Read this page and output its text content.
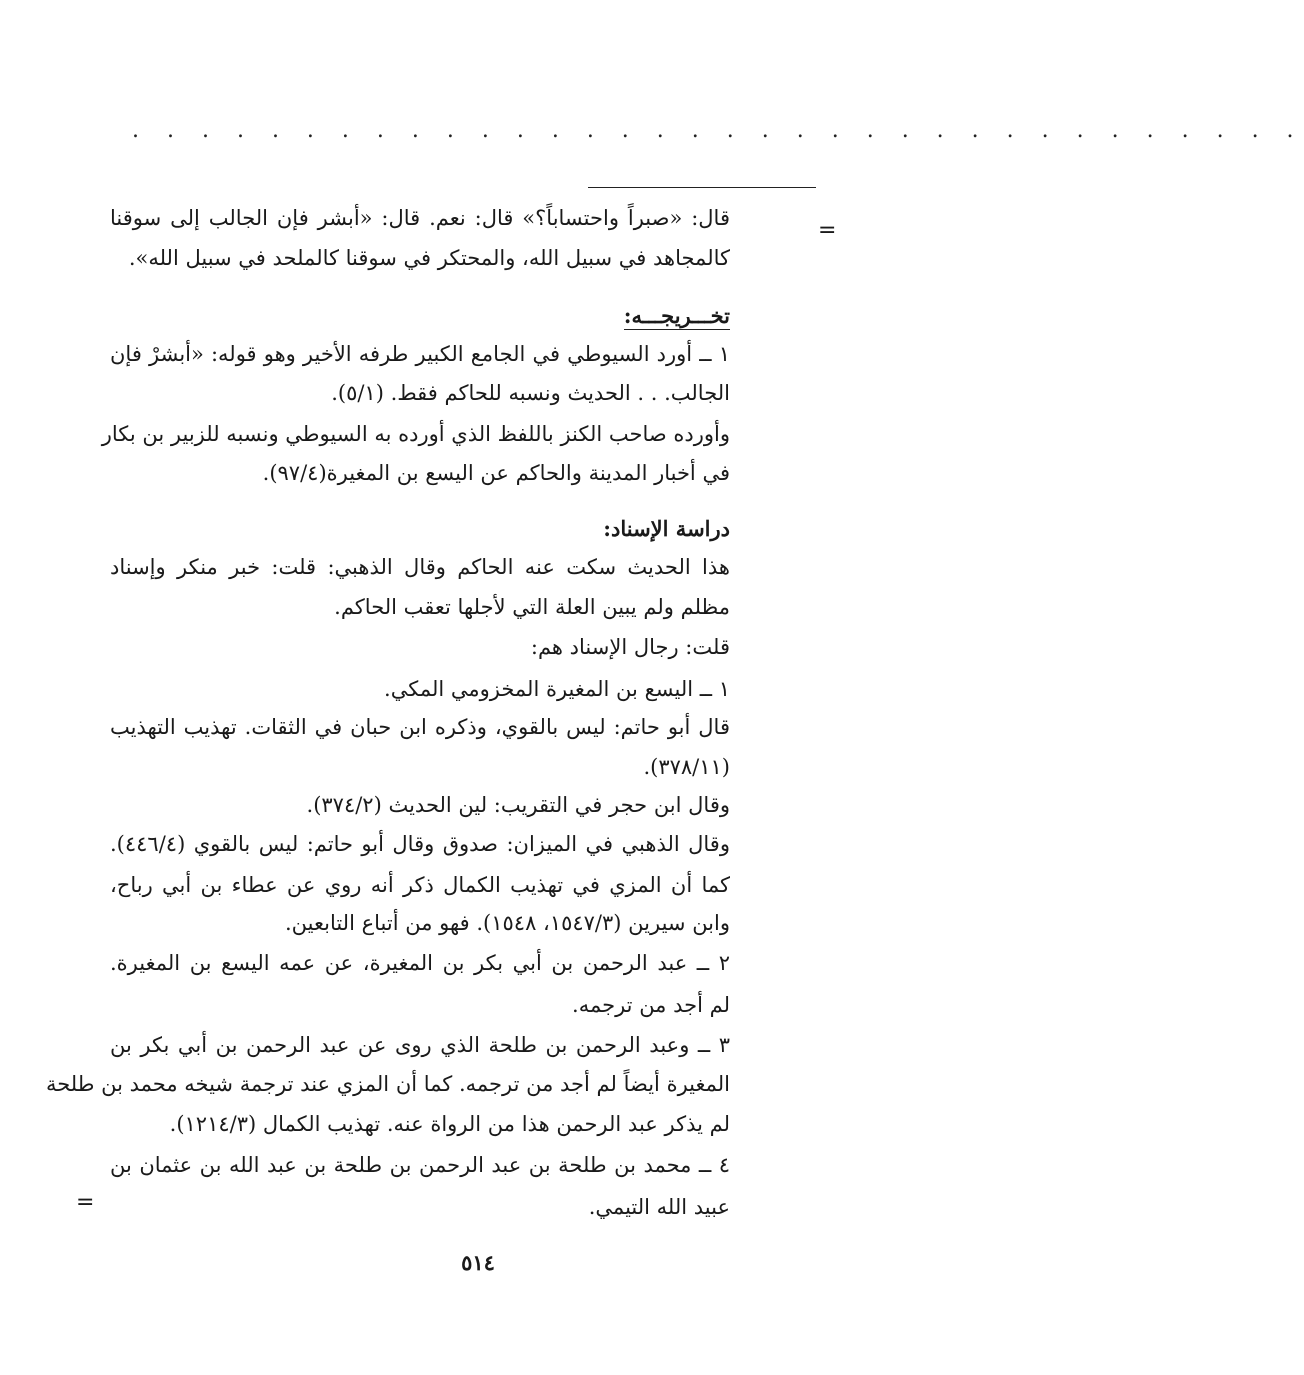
. . . . . . . . . . . . . . . . . . . . . . . . . . . . . . . . . .
=
=
قال: «صبراً واحتساباً؟» قال: نعم. قال: «أبشر فإن الجالب إلى سوقنا
كالمجاهد في سبيل الله، والمحتكر في سوقنا كالملحد في سبيل الله».
تخـــريجـــه:
١ ــ أورد السيوطي في الجامع الكبير طرفه الأخير وهو قوله: «أبشرْ فإن
الجالب. . . الحديث ونسبه للحاكم فقط. (٥/١).
وأورده صاحب الكنز باللفظ الذي أورده به السيوطي ونسبه للزبير بن بكار
في أخبار المدينة والحاكم عن اليسع بن المغيرة(٩٧/٤).
دراسة الإسناد:
هذا الحديث سكت عنه الحاكم وقال الذهبي: قلت: خبر منكر وإسناد
مظلم ولم يبين العلة التي لأجلها تعقب الحاكم.
قلت: رجال الإسناد هم:
١ ــ اليسع بن المغيرة المخزومي المكي.
قال أبو حاتم: ليس بالقوي، وذكره ابن حبان في الثقات. تهذيب التهذيب
(٣٧٨/١١).
وقال ابن حجر في التقريب: لين الحديث (٣٧٤/٢).
وقال الذهبي في الميزان: صدوق وقال أبو حاتم: ليس بالقوي (٤٤٦/٤).
كما أن المزي في تهذيب الكمال ذكر أنه روي عن عطاء بن أبي رباح،
وابن سيرين (١٥٤٧/٣، ١٥٤٨). فهو من أتباع التابعين.
٢ ــ عبد الرحمن بن أبي بكر بن المغيرة، عن عمه اليسع بن المغيرة.
لم أجد من ترجمه.
٣ ــ وعبد الرحمن بن طلحة الذي روى عن عبد الرحمن بن أبي بكر بن
المغيرة أيضاً لم أجد من ترجمه. كما أن المزي عند ترجمة شيخه محمد بن طلحة
لم يذكر عبد الرحمن هذا من الرواة عنه. تهذيب الكمال (١٢١٤/٣).
٤ ــ محمد بن طلحة بن عبد الرحمن بن طلحة بن عبد الله بن عثمان بن
عبيد الله التيمي.
٥١٤
